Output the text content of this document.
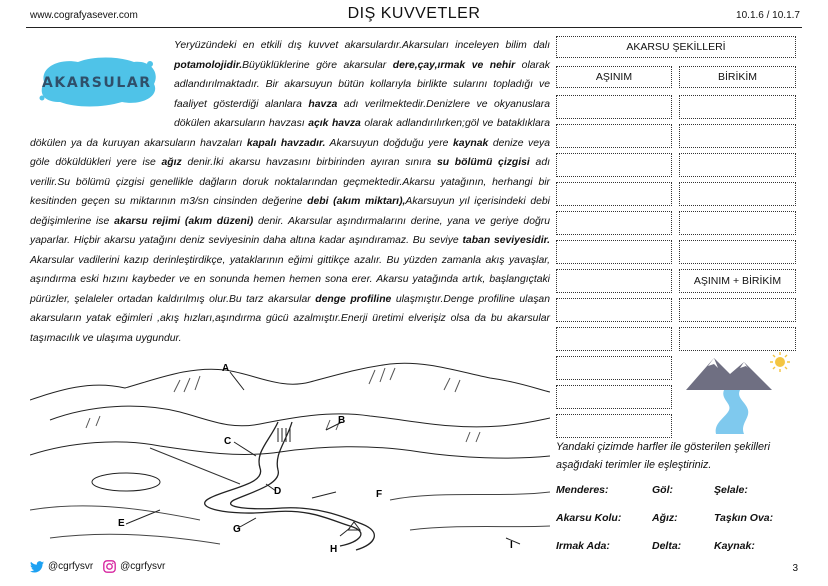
www.cografyasever.com	DIŞ KUVVETLER	10.1.6 / 10.1.7
AKARSULAR
Yeryüzündeki en etkili dış kuvvet akarsulardır.Akarsuları inceleyen bilim dalı potamolojidir.Büyüklüklerine göre akarsular dere,çay,ırmak ve nehir olarak adlandırılmaktadır. Bir akarsuyun bütün kollarıyla birlikte sularını topladığı ve faaliyet gösterdiği alanlara havza adı verilmektedir.Denizlere ve okyanuslara dökülen akarsuların havzası açık havza olarak adlandırılırken;göl ve bataklıklara dökülen ya da kuruyan akarsuların havzaları kapalı havzadır. Akarsuyun doğduğu yere kaynak denize veya göle döküldükleri yere ise ağız denir.İki akarsu havzasını birbirinden ayıran sınıra su bölümü çizgisi adı verilir.Su bölümü çizgisi genellikle dağların doruk noktalarından geçmektedir.Akarsu yatağının, herhangi bir kesitinden geçen su miktarının m3/sn cinsinden değerine debi (akım miktarı),Akarsuyun yıl içerisindeki debi değişimlerine ise akarsu rejimi (akım düzeni) denir. Akarsular aşındırmalarını derine, yana ve geriye doğru yaparlar. Hiçbir akarsu yatağını deniz seviyesinin daha altına kadar aşındıramaz. Bu seviye taban seviyesidir. Akarsular vadilerini kazıp derinleştirdikçe, yataklarının eğimi gittikçe azalır. Bu yüzden zamanla akış yavaşlar, aşındırma eski hızını kaybeder ve en sonunda hemen hemen sona erer. Akarsu yatağında artık, başlangıçtaki pürüzler, şelaleler ortadan kaldırılmış olur.Bu tarz akarsular denge profiline ulaşmıştır.Denge profiline ulaşan akarsuların yatak eğimleri ,akış hızları,aşındırma gücü azalmıştır.Enerji üretimi elverişiz olsa da bu akarsular taşımacılık ve ulaşıma uygundur.
A
B
C
D
E
F
G
H	I
AKARSU ŞEKİLLERİ
AŞINIM	BİRİKİM
AŞINIM + BİRİKİM
Yandaki çizimde harfler ile gösterilen şekilleri aşağıdaki terimler ile eşleştiriniz.
Menderes:	Göl:	Şelale:
Akarsu Kolu:	Ağız:	Taşkın Ova:
Irmak Ada:	Delta:	Kaynak:
@cgrfysvr	@cgrfysvr	3
